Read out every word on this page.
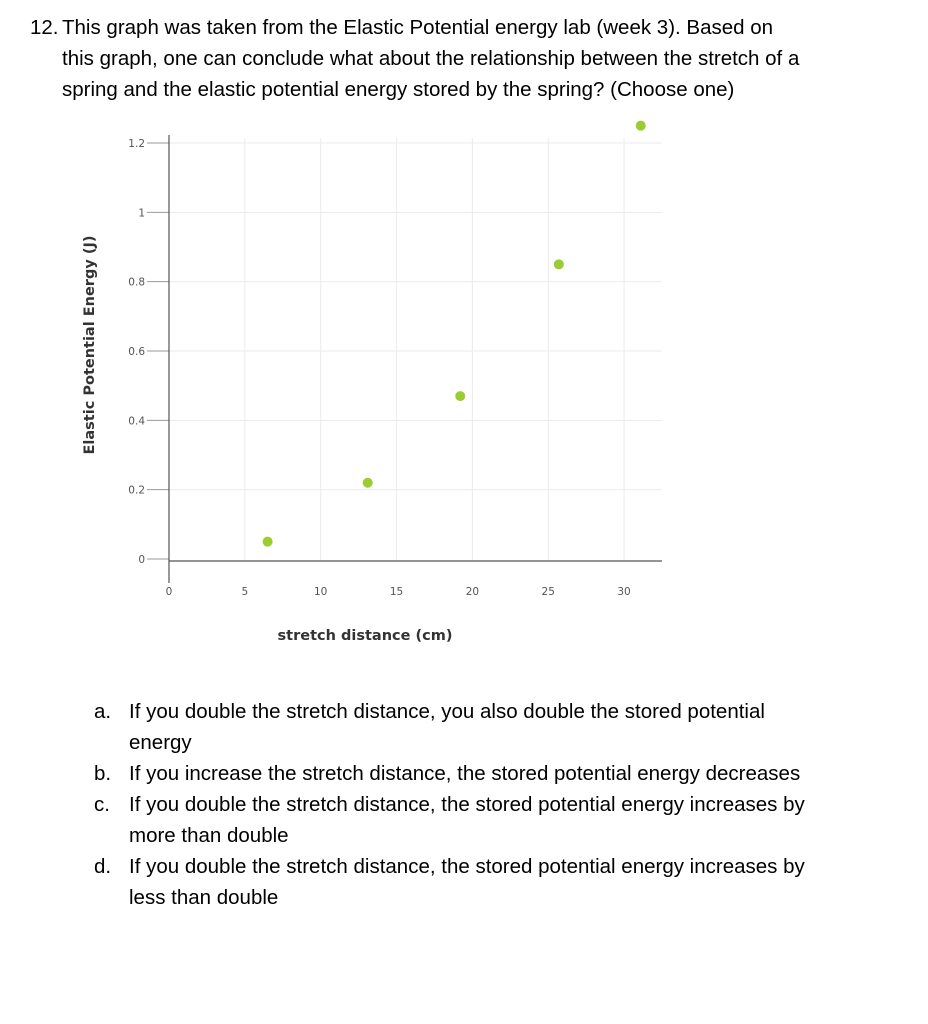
12. This graph was taken from the Elastic Potential energy lab (week 3). Based on
this graph, one can conclude what about the relationship between the stretch of a
spring and the elastic potential energy stored by the spring? (Choose one)
0
0.2
0.4
0.6
0.8
1
1.2
0	5	10	15	20	25	30
stretch distance (cm)
Elastic Potential Energy (J)
a. If you double the stretch distance, you also double the stored potential
energy
b. If you increase the stretch distance, the stored potential energy decreases
c. If you double the stretch distance, the stored potential energy increases by
more than double
d. If you double the stretch distance, the stored potential energy increases by
less than double
